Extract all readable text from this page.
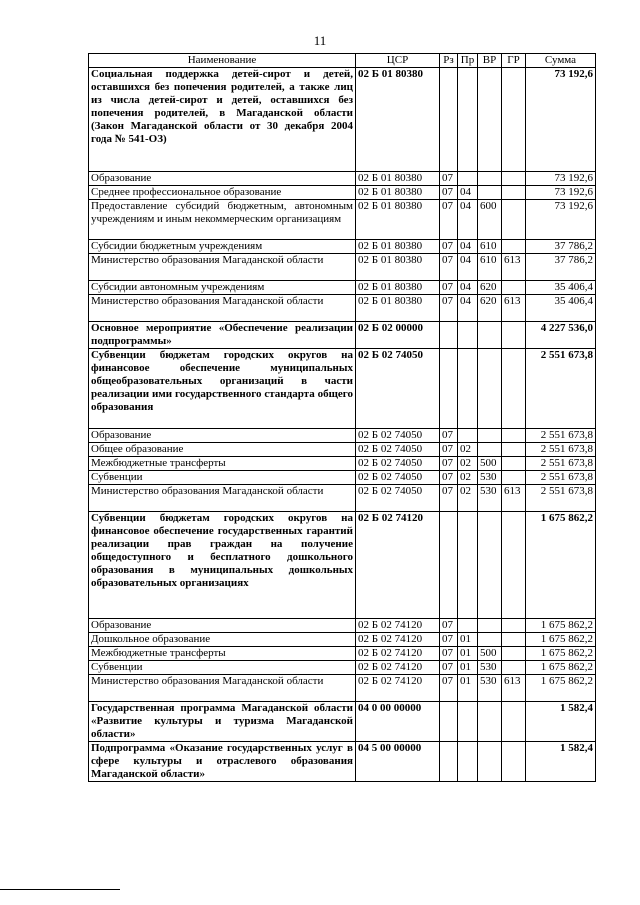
11
Наименование	ЦСР	Рз	Пр	ВР	ГР	Сумма
Социальная поддержка детей-сирот и детей, оставшихся без попечения родителей, а также лиц из числа детей-сирот и детей, оставшихся без попечения родителей, в Магаданской области (Закон Магаданской области от 30 декабря 2004 года № 541-ОЗ)	02 Б 01 80380					73 192,6
Образование	02 Б 01 80380	07				73 192,6
Среднее профессиональное образование	02 Б 01 80380	07	04			73 192,6
Предоставление субсидий бюджетным, автономным учреждениям и иным некоммерческим организациям	02 Б 01 80380	07	04	600		73 192,6
Субсидии бюджетным учреждениям	02 Б 01 80380	07	04	610		37 786,2
Министерство образования Магаданской области	02 Б 01 80380	07	04	610	613	37 786,2
Субсидии автономным учреждениям	02 Б 01 80380	07	04	620		35 406,4
Министерство образования Магаданской области	02 Б 01 80380	07	04	620	613	35 406,4
Основное мероприятие «Обеспечение реализации подпрограммы»	02 Б 02 00000					4 227 536,0
Субвенции бюджетам городских округов на финансовое обеспечение муниципальных общеобразовательных организаций в части реализации ими государственного стандарта общего образования	02 Б 02 74050					2 551 673,8
Образование	02 Б 02 74050	07				2 551 673,8
Общее образование	02 Б 02 74050	07	02			2 551 673,8
Межбюджетные трансферты	02 Б 02 74050	07	02	500		2 551 673,8
Субвенции	02 Б 02 74050	07	02	530		2 551 673,8
Министерство образования Магаданской области	02 Б 02 74050	07	02	530	613	2 551 673,8
Субвенции бюджетам городских округов на финансовое обеспечение государственных гарантий реализации прав граждан на получение общедоступного и бесплатного дошкольного образования в муниципальных дошкольных образовательных организациях	02 Б 02 74120					1 675 862,2
Образование	02 Б 02 74120	07				1 675 862,2
Дошкольное образование	02 Б 02 74120	07	01			1 675 862,2
Межбюджетные трансферты	02 Б 02 74120	07	01	500		1 675 862,2
Субвенции	02 Б 02 74120	07	01	530		1 675 862,2
Министерство образования Магаданской области	02 Б 02 74120	07	01	530	613	1 675 862,2
Государственная программа Магаданской области «Развитие культуры и туризма Магаданской области»	04 0 00 00000					1 582,4
Подпрограмма «Оказание государственных услуг в сфере культуры и отраслевого образования Магаданской области»	04 5 00 00000					1 582,4
